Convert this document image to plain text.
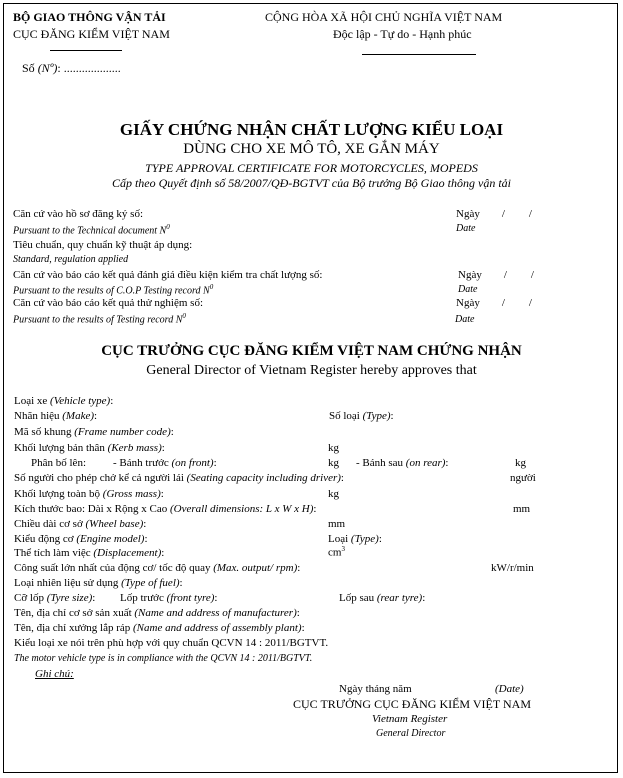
BỘ GIAO THÔNG VẬN TẢI
CỤC ĐĂNG KIỂM VIỆT NAM
CỘNG HÒA XÃ HỘI CHỦ NGHĨA VIỆT NAM
Độc lập - Tự do - Hạnh phúc
Số (Nº): ...................
GIẤY CHỨNG NHẬN CHẤT LƯỢNG KIỂU LOẠI
DÙNG CHO XE MÔ TÔ, XE GẮN MÁY
TYPE APPROVAL CERTIFICATE FOR MOTORCYCLES, MOPEDS
Cấp theo Quyết định số 58/2007/QĐ-BGTVT của Bộ trưởng Bộ Giao thông vận tải
Căn cứ vào hồ sơ đăng ký số:	Ngày / /
Pursuant to the Technical document $N^0$	Date
Tiêu chuẩn, quy chuẩn kỹ thuật áp dụng:
Standard, regulation applied
Căn cứ vào báo cáo kết quả đánh giá điều kiện kiểm tra chất lượng số:	Ngày / /
Pursuant to the results of C.O.P Testing record $N^0$	Date
Căn cứ vào báo cáo kết quả thử nghiệm số:	Ngày / /
Pursuant to the results of Testing record $N^0$	Date
CỤC TRƯỞNG CỤC ĐĂNG KIỂM VIỆT NAM CHỨNG NHẬN
General Director of Vietnam Register hereby approves that
Loại xe (Vehicle type):
Nhãn hiệu (Make):	Số loại (Type):
Mã số khung (Frame number code):
Khối lượng bản thân (Kerb mass):	kg
Phân bố lên: - Bánh trước (on front):	kg - Bánh sau (on rear):	kg
Số người cho phép chở kể cả người lái (Seating capacity including driver):	người
Khối lượng toàn bộ (Gross mass):	kg
Kích thước bao: Dài x Rộng x Cao (Overall dimensions: L x W x H):	mm
Chiều dài cơ sở (Wheel base):	mm
Kiểu động cơ (Engine model):	Loại (Type):
Thể tích làm việc (Displacement):	$cm^3$
Công suất lớn nhất của động cơ/ tốc độ quay (Max. output/ rpm):	kW/r/min
Loại nhiên liệu sử dụng (Type of fuel):
Cỡ lốp (Tyre size): Lốp trước (front tyre):	Lốp sau (rear tyre):
Tên, địa chỉ cơ sở sản xuất (Name and address of manufacturer):
Tên, địa chỉ xưởng lắp ráp (Name and address of assembly plant):
Kiểu loại xe nói trên phù hợp với quy chuẩn QCVN 14 : 2011/BGTVT.
The motor vehicle type is in compliance with the QCVN 14 : 2011/BGTVT.
Ghi chú:
Ngày tháng năm	(Date)
CỤC TRƯỞNG CỤC ĐĂNG KIỂM VIỆT NAM
Vietnam Register
General Director
